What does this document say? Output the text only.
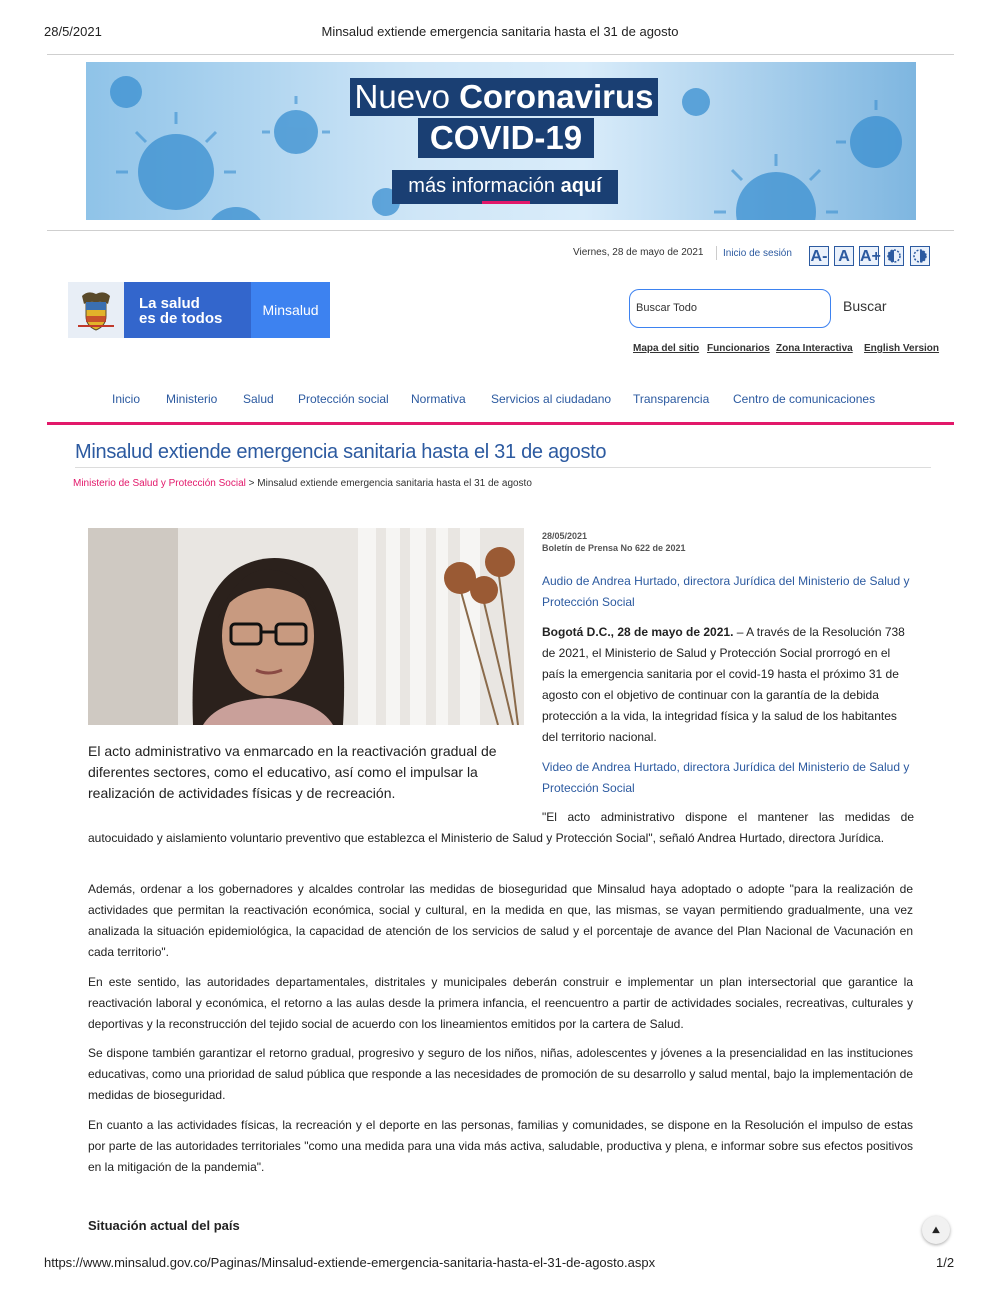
28/5/2021	Minsalud extiende emergencia sanitaria hasta el 31 de agosto
Nuevo Coronavirus
COVID-19
más información aquí
Viernes, 28 de mayo de 2021 Inicio de sesión A- A A+
La salud
es de todos	Minsalud
Buscar Todo	Buscar
Mapa del sitio Funcionarios Zona Interactiva English Version
Inicio Ministerio Salud Protección social Normativa Servicios al ciudadano Transparencia Centro de comunicaciones
Minsalud extiende emergencia sanitaria hasta el 31 de agosto
Ministerio de Salud y Protección Social > Minsalud extiende emergencia sanitaria hasta el 31 de agosto
El acto administrativo va enmarcado en la reactivación gradual de diferentes sectores, como el educativo, así como el impulsar la realización de actividades físicas y de recreación.
28/05/2021
Boletín de Prensa No 622 de 2021
Audio de Andrea Hurtado, directora Jurídica del Ministerio de Salud y Protección Social
Bogotá D.C., 28 de mayo de 2021. – A través de la Resolución 738 de 2021, el Ministerio de Salud y Protección Social prorrogó en el país la emergencia sanitaria por el covid-19 hasta el próximo 31 de agosto con el objetivo de continuar con la garantía de la debida protección a la vida, la integridad física y la salud de los habitantes del territorio nacional.
Video de Andrea Hurtado, directora Jurídica del Ministerio de Salud y Protección Social
"El acto administrativo dispone el mantener las medidas de
autocuidado y aislamiento voluntario preventivo que establezca el Ministerio de Salud y Protección Social", señaló Andrea Hurtado, directora Jurídica.
Además, ordenar a los gobernadores y alcaldes controlar las medidas de bioseguridad que Minsalud haya adoptado o adopte "para la realización de actividades que permitan la reactivación económica, social y cultural, en la medida en que, las mismas, se vayan permitiendo gradualmente, una vez analizada la situación epidemiológica, la capacidad de atención de los servicios de salud y el porcentaje de avance del Plan Nacional de Vacunación en cada territorio".
En este sentido, las autoridades departamentales, distritales y municipales deberán construir e implementar un plan intersectorial que garantice la reactivación laboral y económica, el retorno a las aulas desde la primera infancia, el reencuentro a partir de actividades sociales, recreativas, culturales y deportivas y la reconstrucción del tejido social de acuerdo con los lineamientos emitidos por la cartera de Salud.
Se dispone también garantizar el retorno gradual, progresivo y seguro de los niños, niñas, adolescentes y jóvenes a la presencialidad en las instituciones educativas, como una prioridad de salud pública que responde a las necesidades de promoción de su desarrollo y salud mental, bajo la implementación de medidas de bioseguridad.
En cuanto a las actividades físicas, la recreación y el deporte en las personas, familias y comunidades, se dispone en la Resolución el impulso de estas por parte de las autoridades territoriales "como una medida para una vida más activa, saludable, productiva y plena, e informar sobre sus efectos positivos en la mitigación de la pandemia".
Situación actual del país	⯅
https://www.minsalud.gov.co/Paginas/Minsalud-extiende-emergencia-sanitaria-hasta-el-31-de-agosto.aspx	1/2
